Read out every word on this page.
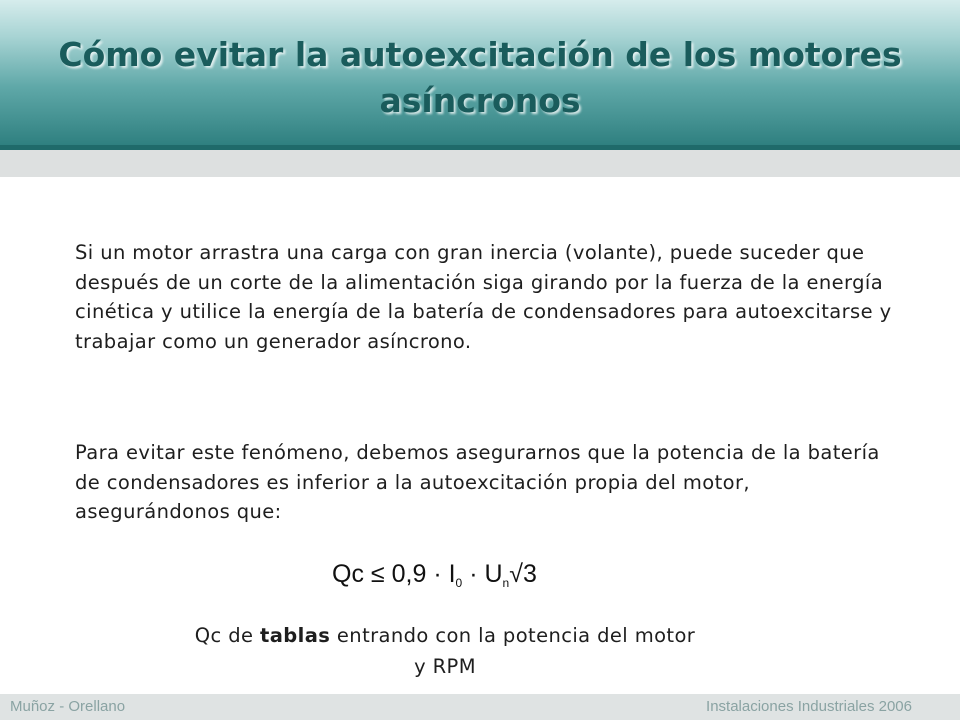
Cómo evitar la autoexcitación de los motores asíncronos

Si un motor arrastra una carga con gran inercia (volante), puede suceder que después de un corte de la alimentación siga girando por la fuerza de la energía cinética y utilice la energía de la batería de condensadores para autoexcitarse y trabajar como un generador asíncrono.

Para evitar este fenómeno, debemos asegurarnos que la potencia de la batería de condensadores es inferior a la autoexcitación propia del motor, asegurándonos que:

$Qc \le 0,9 \cdot I_0 \cdot U_n√3$

Qc de tablas entrando con la potencia del motor y RPM

Muñoz - Orellano	Instalaciones Industriales 2006
